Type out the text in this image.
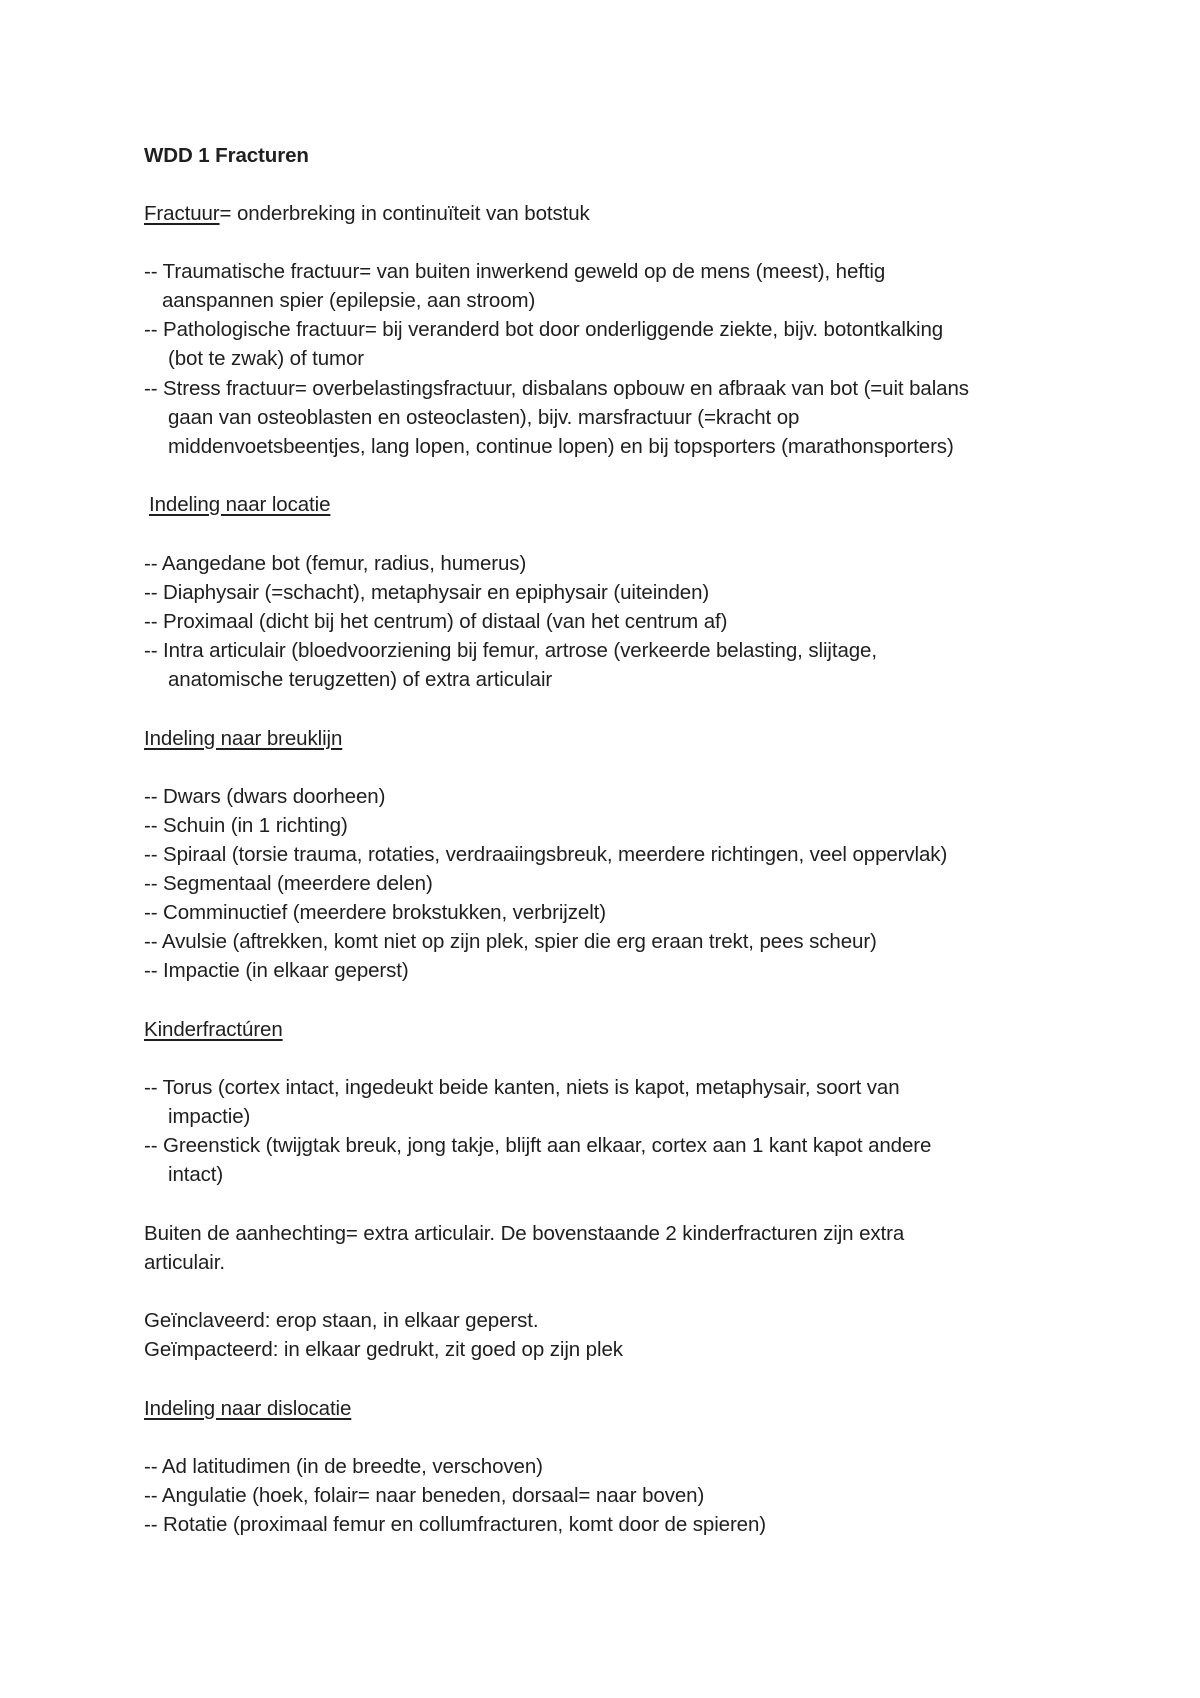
WDD 1 Fracturen
Fractuur= onderbreking in continuïteit van botstuk
-- Traumatische fractuur= van buiten inwerkend geweld op de mens (meest), heftig
aanspannen spier (epilepsie, aan stroom)
-- Pathologische fractuur= bij veranderd bot door onderliggende ziekte, bijv. botontkalking
(bot te zwak) of tumor
-- Stress fractuur= overbelastingsfractuur, disbalans opbouw en afbraak van bot (=uit balans
gaan van osteoblasten en osteoclasten), bijv. marsfractuur (=kracht op
middenvoetsbeentjes, lang lopen, continue lopen) en bij topsporters (marathonsporters)
Indeling naar locatie
-- Aangedane bot (femur, radius, humerus)
-- Diaphysair (=schacht), metaphysair en epiphysair (uiteinden)
-- Proximaal (dicht bij het centrum) of distaal (van het centrum af)
-- Intra articulair (bloedvoorziening bij femur, artrose (verkeerde belasting, slijtage,
anatomische terugzetten) of extra articulair
Indeling naar breuklijn
-- Dwars (dwars doorheen)
-- Schuin (in 1 richting)
-- Spiraal (torsie trauma, rotaties, verdraaiingsbreuk, meerdere richtingen, veel oppervlak)
-- Segmentaal (meerdere delen)
-- Comminuctief (meerdere brokstukken, verbrijzelt)
-- Avulsie (aftrekken, komt niet op zijn plek, spier die erg eraan trekt, pees scheur)
-- Impactie (in elkaar geperst)
Kinderfractúren
-- Torus (cortex intact, ingedeukt beide kanten, niets is kapot, metaphysair, soort van
impactie)
-- Greenstick (twijgtak breuk, jong takje, blijft aan elkaar, cortex aan 1 kant kapot andere
intact)
Buiten de aanhechting= extra articulair. De bovenstaande 2 kinderfracturen zijn extra
articulair.
Geïnclaveerd: erop staan, in elkaar geperst.
Geïmpacteerd: in elkaar gedrukt, zit goed op zijn plek
Indeling naar dislocatie
-- Ad latitudimen (in de breedte, verschoven)
-- Angulatie (hoek, folair= naar beneden, dorsaal= naar boven)
-- Rotatie (proximaal femur en collumfracturen, komt door de spieren)
